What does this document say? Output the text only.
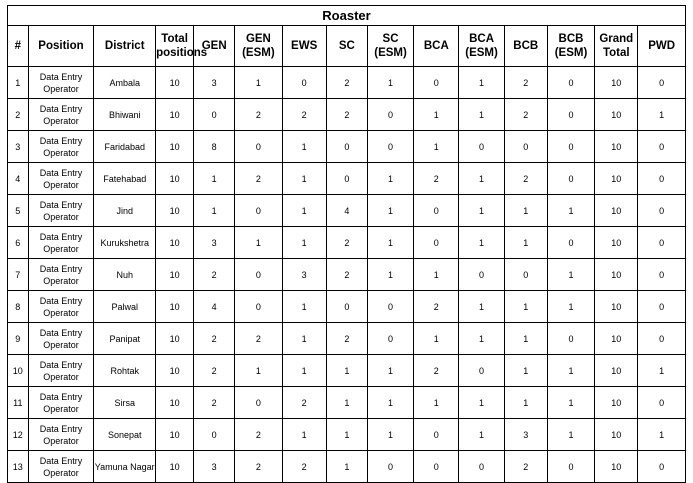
Roaster														
#	Position	District	Total positions	GEN	GEN (ESM)	EWS	SC	SC (ESM)	BCA	BCA (ESM)	BCB	BCB (ESM)	Grand Total	PWD
1	Data Entry Operator	Ambala	10	3	1	0	2	1	0	1	2	0	10	0
2	Data Entry Operator	Bhiwani	10	0	2	2	2	0	1	1	2	0	10	1
3	Data Entry Operator	Faridabad	10	8	0	1	0	0	1	0	0	0	10	0
4	Data Entry Operator	Fatehabad	10	1	2	1	0	1	2	1	2	0	10	0
5	Data Entry Operator	Jind	10	1	0	1	4	1	0	1	1	1	10	0
6	Data Entry Operator	Kurukshetra	10	3	1	1	2	1	0	1	1	0	10	0
7	Data Entry Operator	Nuh	10	2	0	3	2	1	1	0	0	1	10	0
8	Data Entry Operator	Palwal	10	4	0	1	0	0	2	1	1	1	10	0
9	Data Entry Operator	Panipat	10	2	2	1	2	0	1	1	1	0	10	0
10	Data Entry Operator	Rohtak	10	2	1	1	1	1	2	0	1	1	10	1
11	Data Entry Operator	Sirsa	10	2	0	2	1	1	1	1	1	1	10	0
12	Data Entry Operator	Sonepat	10	0	2	1	1	1	0	1	3	1	10	1
13	Data Entry Operator	Yamuna Nagar	10	3	2	2	1	0	0	0	2	0	10	0
